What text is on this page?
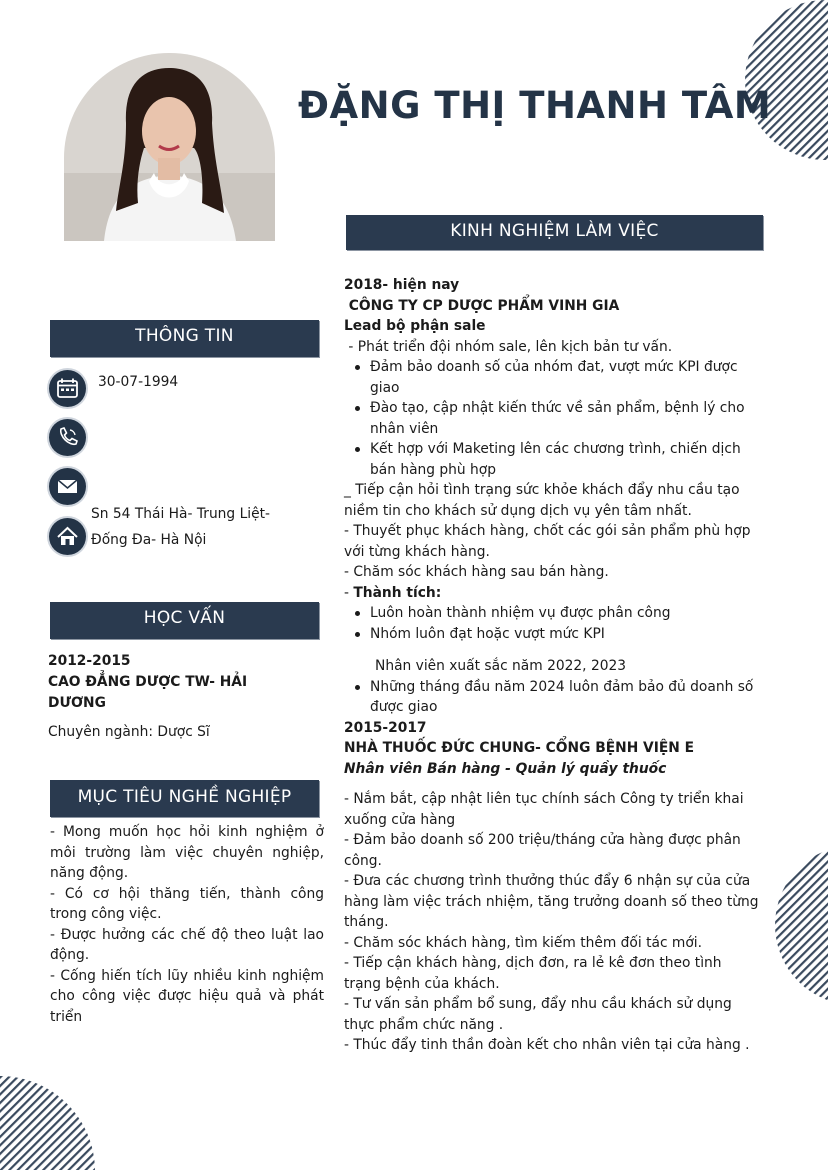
ĐẶNG THỊ THANH TÂM
KINH NGHIỆM LÀM VIỆC
THÔNG TIN
HỌC VẤN
MỤC TIÊU NGHỀ NGHIỆP
30-07-1994
Sn 54 Thái Hà- Trung Liệt-
Đống Đa- Hà Nội
2012-2015
CAO ĐẲNG DƯỢC TW- HẢI
DƯƠNG
Chuyên ngành: Dược Sĩ
- Mong muốn học hỏi kinh nghiệm ở môi trường làm việc chuyên nghiệp, năng động.
- Có cơ hội thăng tiến, thành công trong công việc.
- Được hưởng các chế độ theo luật lao động.
- Cống hiến tích lũy nhiều kinh nghiệm cho công việc được hiệu quả và phát triển
2018- hiện nay
CÔNG TY CP DƯỢC PHẨM VINH GIA
Lead bộ phận sale
- Phát triển đội nhóm sale, lên kịch bản tư vấn.
Đảm bảo doanh số của nhóm đat, vượt mức KPI được giao
Đào tạo, cập nhật kiến thức về sản phẩm, bệnh lý cho nhân viên
Kết hợp với Maketing lên các chương trình, chiến dịch bán hàng phù hợp
_ Tiếp cận hỏi tình trạng sức khỏe khách đẩy nhu cầu tạo niềm tin cho khách sử dụng dịch vụ yên tâm nhất.
- Thuyết phục khách hàng, chốt các gói sản phẩm phù hợp với từng khách hàng.
- Chăm sóc khách hàng sau bán hàng.
- Thành tích:
Luôn hoàn thành nhiệm vụ được phân công
Nhóm luôn đạt hoặc vượt mức KPI
Nhân viên xuất sắc năm 2022, 2023
Những tháng đầu năm 2024 luôn đảm bảo đủ doanh số được giao
2015-2017
NHÀ THUỐC ĐỨC CHUNG- CỔNG BỆNH VIỆN E
Nhân viên Bán hàng - Quản lý quầy thuốc
- Nắm bắt, cập nhật liên tục chính sách Công ty triển khai xuống cửa hàng
- Đảm bảo doanh số 200 triệu/tháng cửa hàng được phân công.
- Đưa các chương trình thưởng thúc đẩy 6 nhận sự của cửa hàng làm việc trách nhiệm, tăng trưởng doanh số theo từng tháng.
- Chăm sóc khách hàng, tìm kiếm thêm đối tác mới.
- Tiếp cận khách hàng, dịch đơn, ra lẻ kê đơn theo tình trạng bệnh của khách.
- Tư vấn sản phẩm bổ sung, đẩy nhu cầu khách sử dụng thực phẩm chức năng .
- Thúc đẩy tinh thần đoàn kết cho nhân viên tại cửa hàng .
